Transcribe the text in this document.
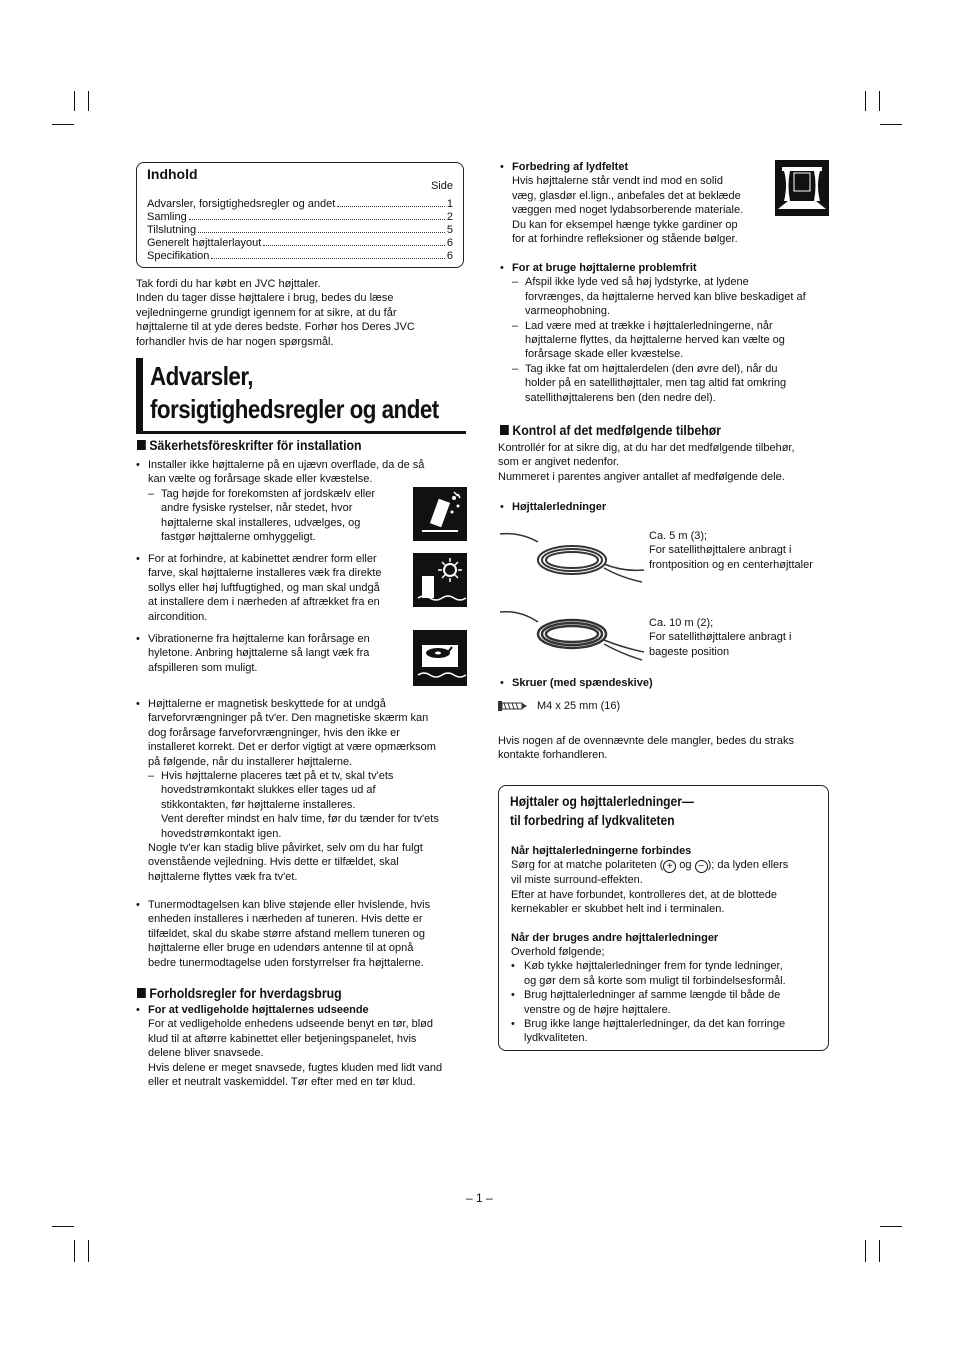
Indhold
Side
Advarsler, forsigtighedsregler og andet	1
Samling	2
Tilslutning	5
Generelt højttalerlayout	6
Specifikation	6

Tak fordi du har købt en JVC højttaler.

Inden du tager disse højttalere i brug, bedes du læse

vejledningerne grundigt igennem for at sikre, at du får

højttalerne til at yde deres bedste. Forhør hos Deres JVC

forhandler hvis de har nogen spørgsmål.

Advarsler,
forsigtighedsregler og andet
Säkerhetsföreskrifter för installation
• Installer ikke højttalerne på en ujævn overflade, da de så

kan vælte og forårsage skade eller kvæstelse.

– Tag højde for forekomsten af jordskælv eller

andre fysiske rystelser, når stedet, hvor

højttalerne skal installeres, udvælges, og

fastgør højttalerne omhyggeligt.

• For at forhindre, at kabinettet ændrer form eller

farve, skal højttalerne installeres væk fra direkte

sollys eller høj luftfugtighed, og man skal undgå

at installere dem i nærheden af aftrækket fra en

aircondition.

• Vibrationerne fra højttalerne kan forårsage en

hyletone. Anbring højttalerne så langt væk fra

afspilleren som muligt.

• Højttalerne er magnetisk beskyttede for at undgå

farveforvrængninger på tv'er. Den magnetiske skærm kan

dog forårsage farveforvrængninger, hvis den ikke er

installeret korrekt. Det er derfor vigtigt at være opmærksom

på følgende, når du installerer højttalerne.

– Hvis højttalerne placeres tæt på et tv, skal tv'ets

hovedstrømkontakt slukkes eller tages ud af

stikkontakten, før højttalerne installeres.

Vent derefter mindst en halv time, før du tænder for tv'ets

hovedstrømkontakt igen.

Nogle tv'er kan stadig blive påvirket, selv om du har fulgt

ovenstående vejledning. Hvis dette er tilfældet, skal

højttalerne flyttes væk fra tv'et.

• Tunermodtagelsen kan blive støjende eller hvislende, hvis

enheden installeres i nærheden af tuneren. Hvis dette er

tilfældet, skal du skabe større afstand mellem tuneren og

højttalerne eller bruge en udendørs antenne til at opnå

bedre tunermodtagelse uden forstyrrelser fra højttalerne.

Forholdsregler for hverdagsbrug
• For at vedligeholde højttalernes udseende

For at vedligeholde enhedens udseende benyt en tør, blød

klud til at aftørre kabinettet eller betjeningspanelet, hvis

delene bliver snavsede.

Hvis delene er meget snavsede, fugtes kluden med lidt vand

eller et neutralt vaskemiddel. Tør efter med en tør klud.

• Forbedring af lydfeltet

Hvis højttalerne står vendt ind mod en solid

væg, glasdør el.lign., anbefales det at beklæde

væggen med noget lydabsorberende materiale.

Du kan for eksempel hænge tykke gardiner op

for at forhindre refleksioner og stående bølger.

• For at bruge højttalerne problemfrit

– Afspil ikke lyde ved så høj lydstyrke, at lydene

forvrænges, da højttalerne herved kan blive beskadiget af

varmeophobning.

– Lad være med at trække i højttalerledningerne, når

højttalerne flyttes, da højttalerne herved kan vælte og

forårsage skade eller kvæstelse.

– Tag ikke fat om højttalerdelen (den øvre del), når du

holder på en satellithøjttaler, men tag altid fat omkring

satellithøjttalerens ben (den nedre del).

Kontrol af det medfølgende tilbehør

Kontrollér for at sikre dig, at du har det medfølgende tilbehør,

som er angivet nedenfor.

Nummeret i parentes angiver antallet af medfølgende dele.

• Højttalerledninger

Ca. 5 m (3);

For satellithøjttalere anbragt i

frontposition og en centerhøjttaler

Ca. 10 m (2);

For satellithøjttalere anbragt i

bageste position

• Skruer (med spændeskive)

M4 x 25 mm (16)

Hvis nogen af de ovennævnte dele mangler, bedes du straks

kontakte forhandleren.

Højttaler og højttalerledninger—
til forbedring af lydkvaliteten

Når højttalerledningerne forbindes

Sørg for at matche polariteten ( + og − ); da lyden ellers

vil miste surround-effekten.

Efter at have forbundet, kontrolleres det, at de blottede

kernekabler er skubbet helt ind i terminalen.

Når der bruges andre højttalerledninger

Overhold følgende;

• Køb tykke højttalerledninger frem for tynde ledninger,

og gør dem så korte som muligt til forbindelsesformål.

• Brug højttalerledninger af samme længde til både de

venstre og de højre højttalere.

• Brug ikke lange højttalerledninger, da det kan forringe

lydkvaliteten.

– 1 –
